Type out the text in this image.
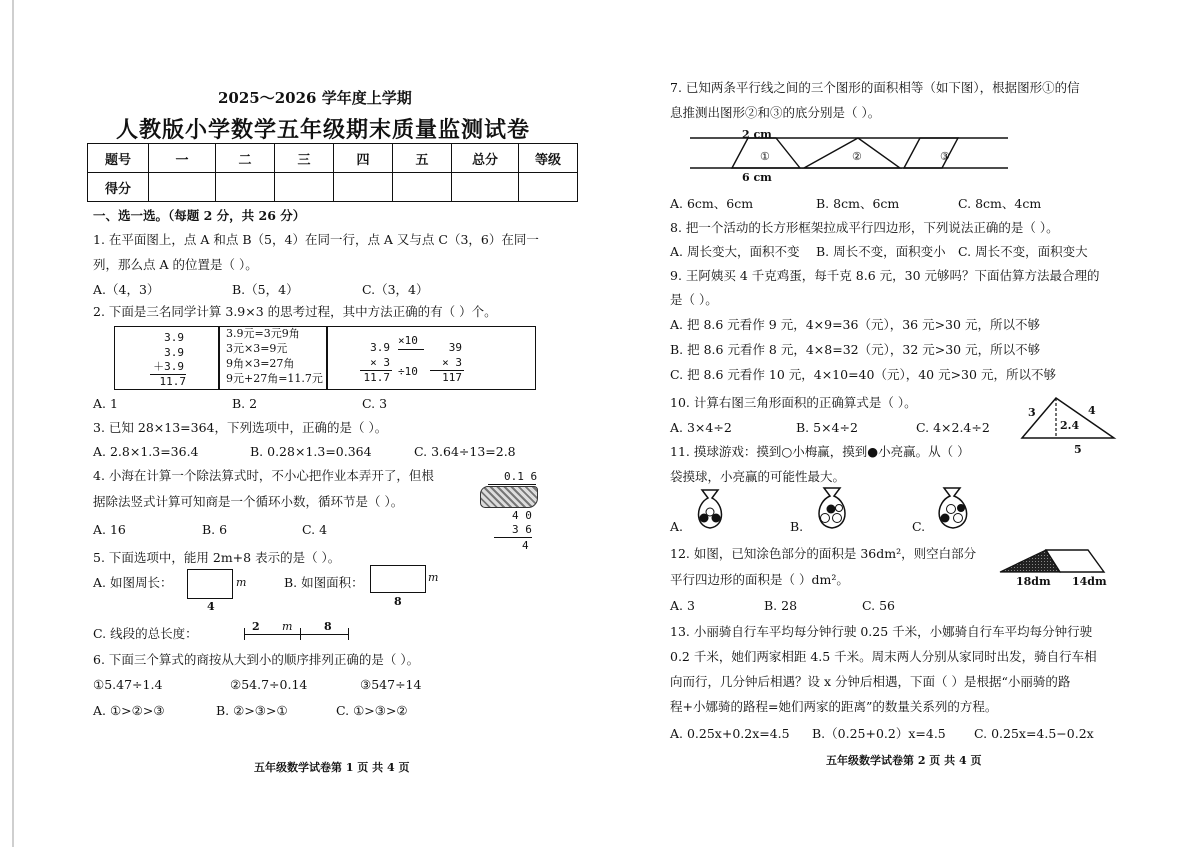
2025～2026 学年度上学期
人教版小学数学五年级期末质量监测试卷
题号	一	二	三	四	五	总分	等级
得分							
一、选一选。（每题 2 分，共 26 分）
1. 在平面图上，点 A 和点 B（5，4）在同一行，点 A 又与点 C（3，6）在同一
列，那么点 A 的位置是（ ）。
A.（4，3）	B.（5，4）	C.（3，4）
2. 下面是三名同学计算 3.9×3 的思考过程，其中方法正确的有（ ）个。
3.9
3.9
＋3.9
11.7
3.9元=3元9角
3元×3=9元
9角×3=27角
9元+27角=11.7元
3.9
× 3
11.7
×10
÷10
39
× 3
117
A. 1	B. 2	C. 3
3. 已知 28×13=364，下列选项中，正确的是（ ）。
A. 2.8×1.3=36.4	B. 0.28×1.3=0.364	C. 3.64÷13=2.8
4. 小海在计算一个除法算式时，不小心把作业本弄开了，但根
据除法竖式计算可知商是一个循环小数，循环节是（ ）。
A. 16	B. 6	C. 4
0.1 6
4 0
3 6
4
5. 下面选项中，能用 2m+8 表示的是（ ）。
A. 如图周长：	m
4
B. 如图面积：	m
8
C. 线段的总长度：	2 m	8
6. 下面三个算式的商按从大到小的顺序排列正确的是（ ）。
①5.47÷1.4	②54.7÷0.14	③547÷14
A. ①>②>③	B. ②>③>①	C. ①>③>②
五年级数学试卷第 1 页 共 4 页
7. 已知两条平行线之间的三个图形的面积相等（如下图），根据图形①的信
息推测出图形②和③的底分别是（ ）。
2 cm
6 cm
①	②	③
A. 6cm、6cm	B. 8cm、6cm	C. 8cm、4cm
8. 把一个活动的长方形框架拉成平行四边形，下列说法正确的是（ ）。
A. 周长变大，面积不变 B. 周长不变，面积变小 C. 周长不变，面积变大
9. 王阿姨买 4 千克鸡蛋，每千克 8.6 元，30 元够吗？下面估算方法最合理的
是（ ）。
A. 把 8.6 元看作 9 元，4×9=36（元），36 元>30 元，所以不够
B. 把 8.6 元看作 8 元，4×8=32（元），32 元>30 元，所以不够
C. 把 8.6 元看作 10 元，4×10=40（元），40 元>30 元，所以不够
10. 计算右图三角形面积的正确算式是（ ）。
A. 3×4÷2	B. 5×4÷2	C. 4×2.4÷2
3	4
2.4
5
11. 摸球游戏：摸到○小梅赢，摸到●小亮赢。从（ ）
袋摸球，小亮赢的可能性最大。
A.	B.	C.
12. 如图，已知涂色部分的面积是 36dm²，则空白部分
平行四边形的面积是（ ）dm²。
A. 3	B. 28	C. 56
18dm 14dm
13. 小丽骑自行车平均每分钟行驶 0.25 千米，小娜骑自行车平均每分钟行驶
0.2 千米，她们两家相距 4.5 千米。周末两人分别从家同时出发，骑自行车相
向而行，几分钟后相遇？设 x 分钟后相遇，下面（ ）是根据“小丽骑的路
程+小娜骑的路程=她们两家的距离”的数量关系列的方程。
A. 0.25x+0.2x=4.5 B.（0.25+0.2）x=4.5 C. 0.25x=4.5−0.2x
五年级数学试卷第 2 页 共 4 页
